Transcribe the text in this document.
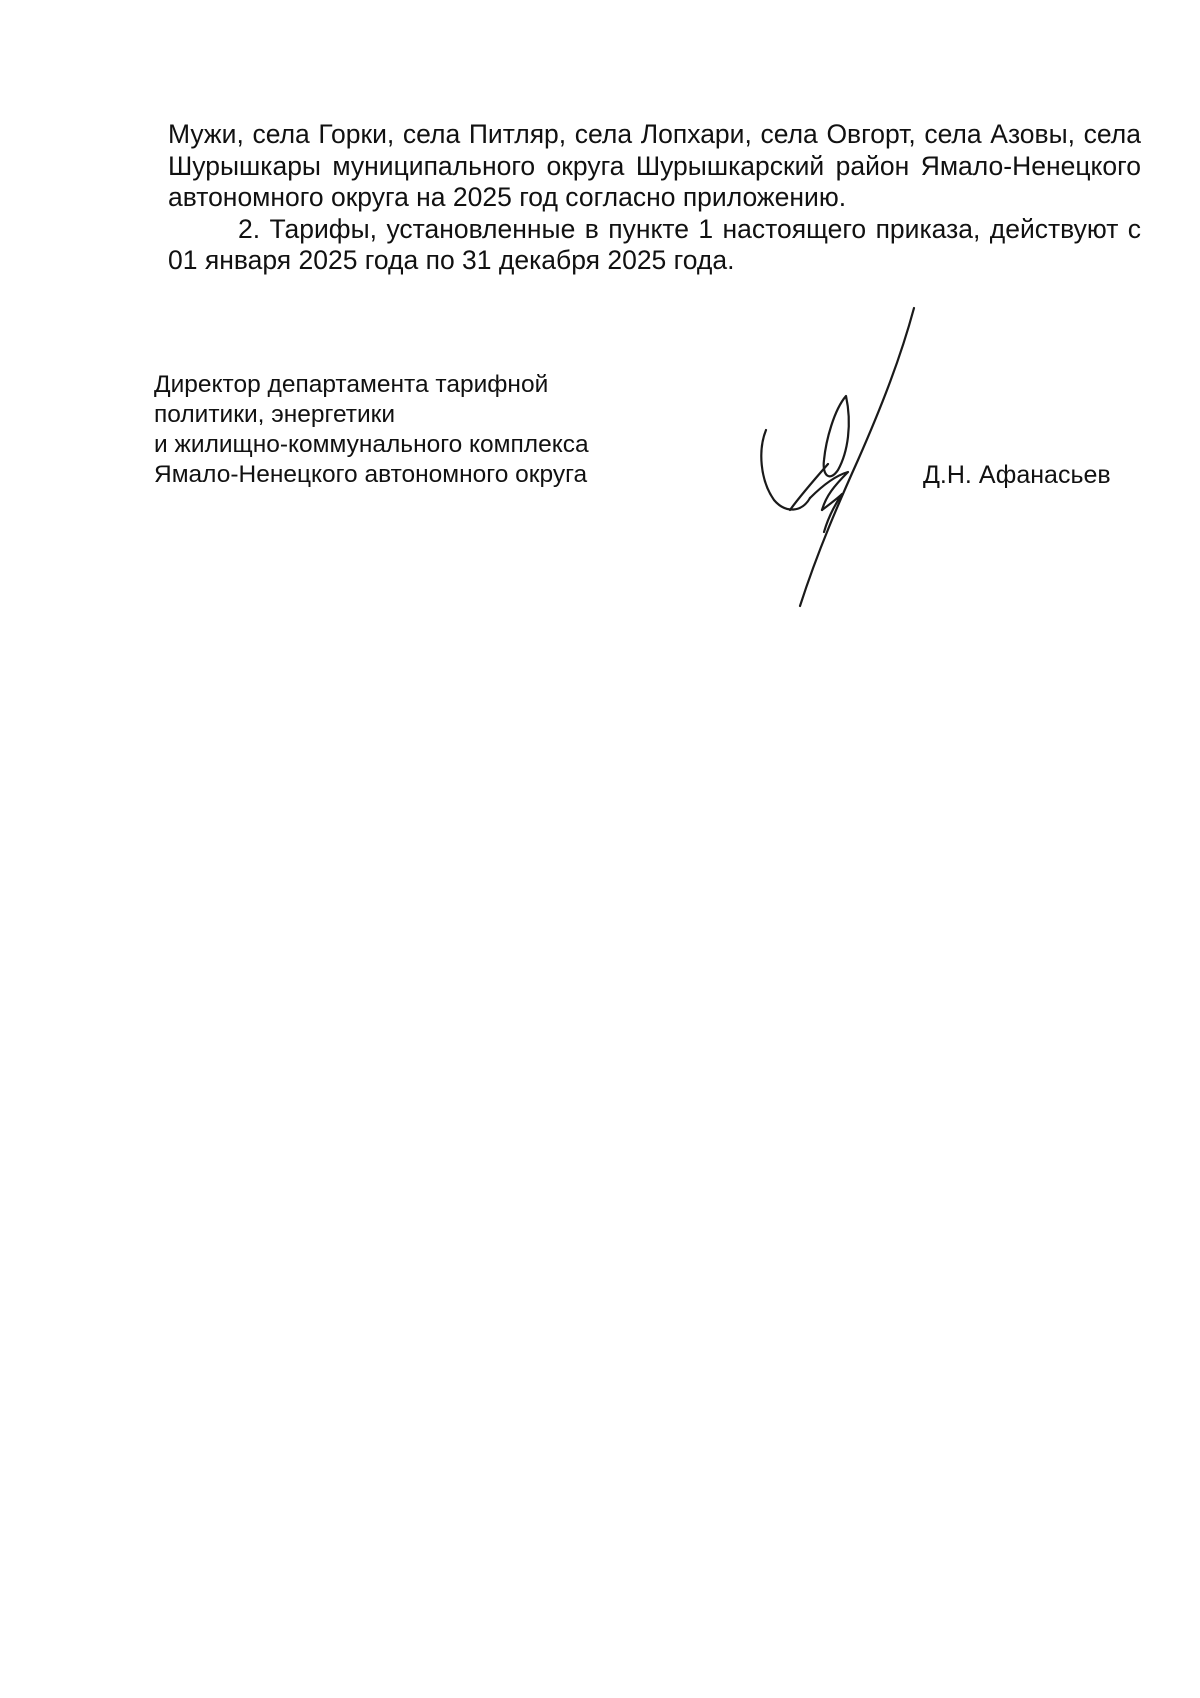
Мужи, села Горки, села Питляр, села Лопхари, села Овгорт, села Азовы, села Шурышкары муниципального округа Шурышкарский район Ямало-Ненецкого автономного округа на 2025 год согласно приложению.

2. Тарифы, установленные в пункте 1 настоящего приказа, действуют с 01 января 2025 года по 31 декабря 2025 года.

Директор департамента тарифной
политики, энергетики
и жилищно-коммунального комплекса
Ямало-Ненецкого автономного округа	Д.Н. Афанасьев
